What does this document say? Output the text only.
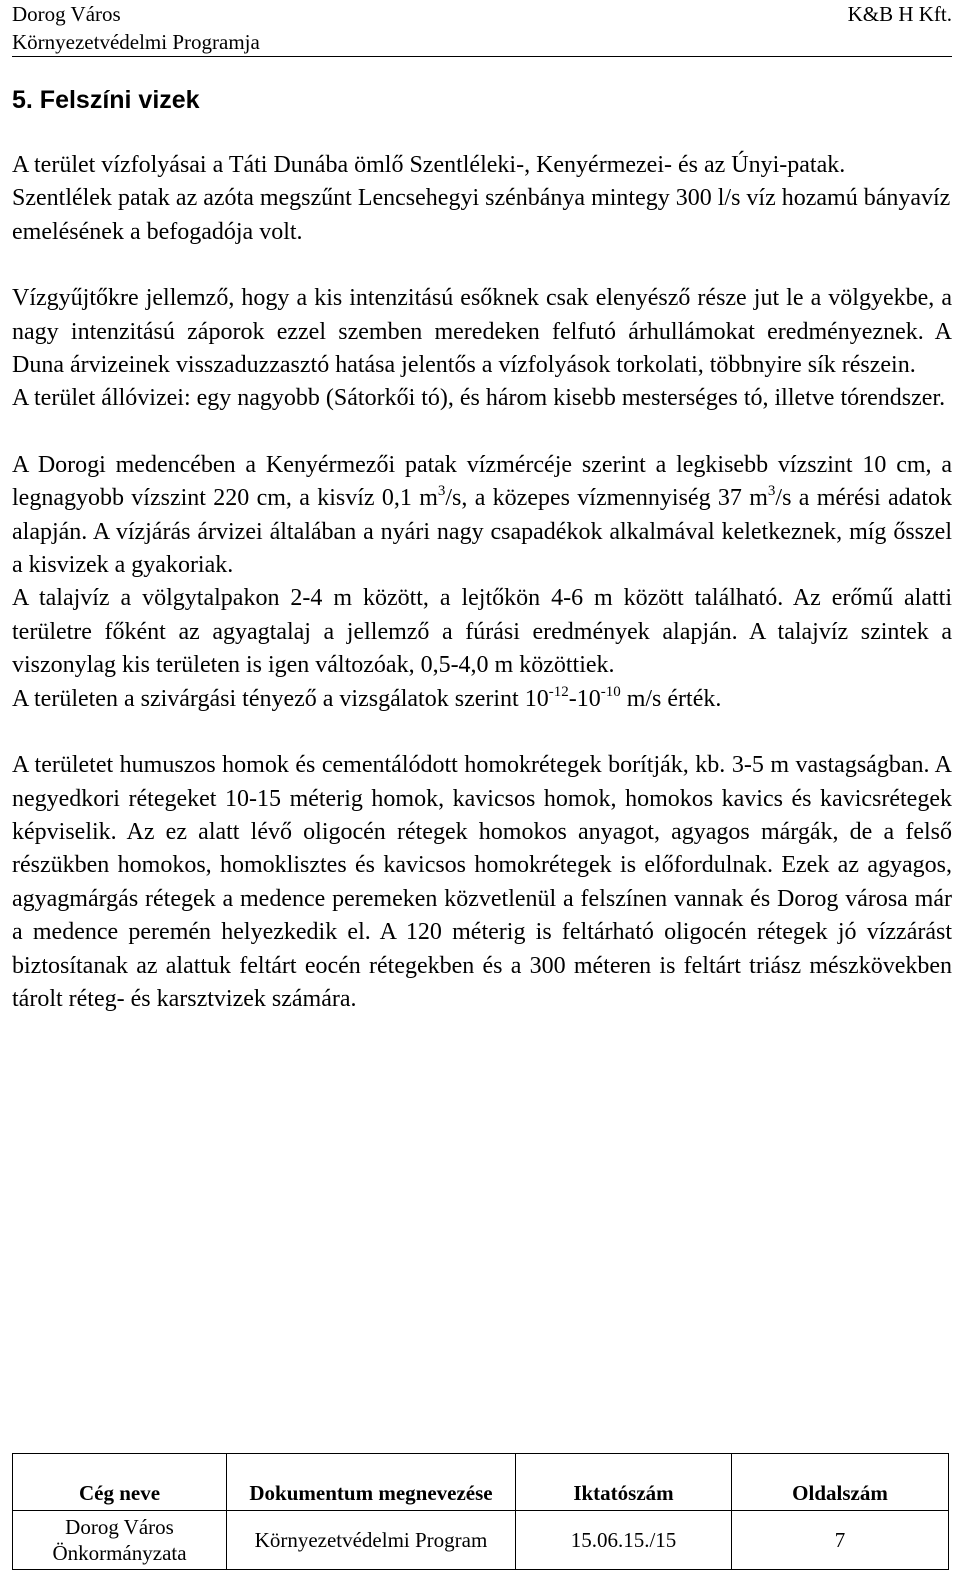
Dorog Város	K&B H Kft.
Környezetvédelmi Programja
5. Felszíni vizek

A terület vízfolyásai a Táti Dunába ömlő Szentléleki-, Kenyérmezei- és az Únyi-patak.

Szentlélek patak az azóta megszűnt Lencsehegyi szénbánya mintegy 300 l/s víz hozamú bányavíz emelésének a befogadója volt.

Vízgyűjtőkre jellemző, hogy a kis intenzitású esőknek csak elenyésző része jut le a völgyekbe, a nagy intenzitású záporok ezzel szemben meredeken felfutó árhullámokat eredményeznek. A Duna árvizeinek visszaduzzasztó hatása jelentős a vízfolyások torkolati, többnyire sík részein.

A terület állóvizei: egy nagyobb (Sátorkői tó), és három kisebb mesterséges tó, illetve tórendszer.

A Dorogi medencében a Kenyérmezői patak vízmércéje szerint a legkisebb vízszint 10 cm, a legnagyobb vízszint 220 cm, a kisvíz 0,1 $m^3/s$, a közepes vízmennyiség 37 $m^3/s$ a mérési adatok alapján. A vízjárás árvizei általában a nyári nagy csapadékok alkalmával keletkeznek, míg ősszel a kisvizek a gyakoriak.

A talajvíz a völgytalpakon 2-4 m között, a lejtőkön 4-6 m között található. Az erőmű alatti területre főként az agyagtalaj a jellemző a fúrási eredmények alapján. A talajvíz szintek a viszonylag kis területen is igen változóak, 0,5-4,0 m közöttiek.

A területen a szivárgási tényező a vizsgálatok szerint $10^{-12}-10^{-10}$ m/s érték.

A területet humuszos homok és cementálódott homokrétegek borítják, kb. 3-5 m vastagságban. A negyedkori rétegeket 10-15 méterig homok, kavicsos homok, homokos kavics és kavicsrétegek képviselik. Az ez alatt lévő oligocén rétegek homokos anyagot, agyagos márgák, de a felső részükben homokos, homoklisztes és kavicsos homokrétegek is előfordulnak. Ezek az agyagos, agyagmárgás rétegek a medence peremeken közvetlenül a felszínen vannak és Dorog városa már a medence peremén helyezkedik el. A 120 méterig is feltárható oligocén rétegek jó vízzárást biztosítanak az alattuk feltárt eocén rétegekben és a 300 méteren is feltárt triász mészkövekben tárolt réteg- és karsztvizek számára.

Cég neve	Dokumentum megnevezése	Iktatószám	Oldalszám
Dorog Város
Önkormányzata	Környezetvédelmi Program	15.06.15./15	7
